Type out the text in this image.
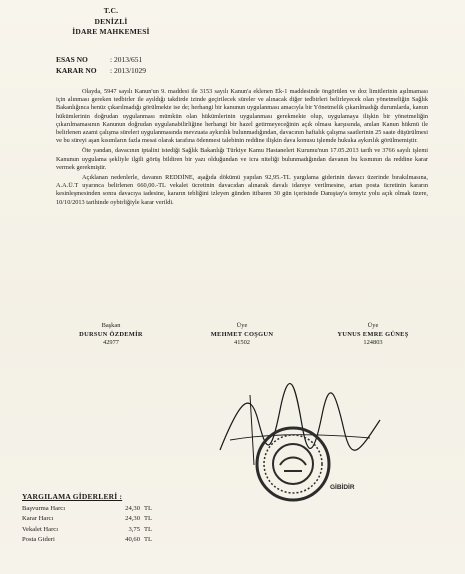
T.C.
DENİZLİ
İDARE MAHKEMESİ
ESAS NO	: 2013/651
KARAR NO	: 2013/1029

Olayda, 5947 sayılı Kanun'un 9. maddesi ile 3153 sayılı Kanun'a eklenen Ek-1 maddesinde öngörülen ve doz limitlerinin aşılmaması için alınması gereken tedbirler ile ayıldığı takdirde izinde geçirilecek süreler ve alınacak diğer tedbirleri belirleyecek olan yönetmeliğin Sağlık Bakanlığınca henüz çıkarılmadığı görülmekte ise de; herhangi bir kanunun uygulanması amacıyla bir Yönetmelik çıkarılmadığı durumlarda, kanun hükümlerinin doğrudan uygulanması mümkün olan hükümlerinin uygulanması gerekmekte olup, uygulamaya ilişkin bir yönetmeliğin çıkarılmamasının Kanunun doğrudan uygulanabilirliğine herhangi bir hazel getirmeyeceğinin açık olması karşısında, anılan Kanun hükmü ile belirlenen azami çalışma süreleri uygulanmasında mevzuata aykırılık bulunmadığından, davacının haftalık çalışma saatlerinin 25 saate düşürülmesi ve bu süreyi aşan kısımların fazla mesai olarak tarafına ödenmesi talebinin reddine ilişkin dava konusu işlemde hukuka aykırılık görülmemiştir.

Öte yandan, davacının iptalini istediği Sağlık Bakanlığı Türkiye Kamu Hastaneleri Kurumu'nun 17.05.2013 tarih ve 3766 sayılı işlemi Kanunun uygulama şekliyle ilgili görüş bildiren bir yazı olduğundan ve icra niteliği bulunmadığından davanın bu kısmının da reddine karar vermek gerekmiştir.

Açıklanan nedenlerle, davanın REDDİNE, aşağıda dökümü yapılan 92,95.-TL yargılama giderinin davacı üzerinde bırakılmasına, A.A.Ü.T uyarınca belirlenen 660,00.-TL vekalet ücretinin davacıdan alınarak davalı idareye verilmesine, artan posta ücretinin kararın kesinleşmesinden sonra davacıya iadesine, kararın tebliğini izleyen günden itibaren 30 gün içerisinde Danıştay'a temyiz yolu açık olmak üzere, 10/10/2013 tarihinde oybirliğiyle karar verildi.

Başkan
DURSUN ÖZDEMİR
42977
Üye
MEHMET COŞGUN
41502
Üye
YUNUS EMRE GÜNEŞ
124803
GİBİDİR
YARGILAMA GİDERLERİ :
Başvurma Harcı	24,30 TL
Karar Harcı	24,30 TL
Vekalet Harcı	3,75 TL
Posta Gideri	40,60 TL
